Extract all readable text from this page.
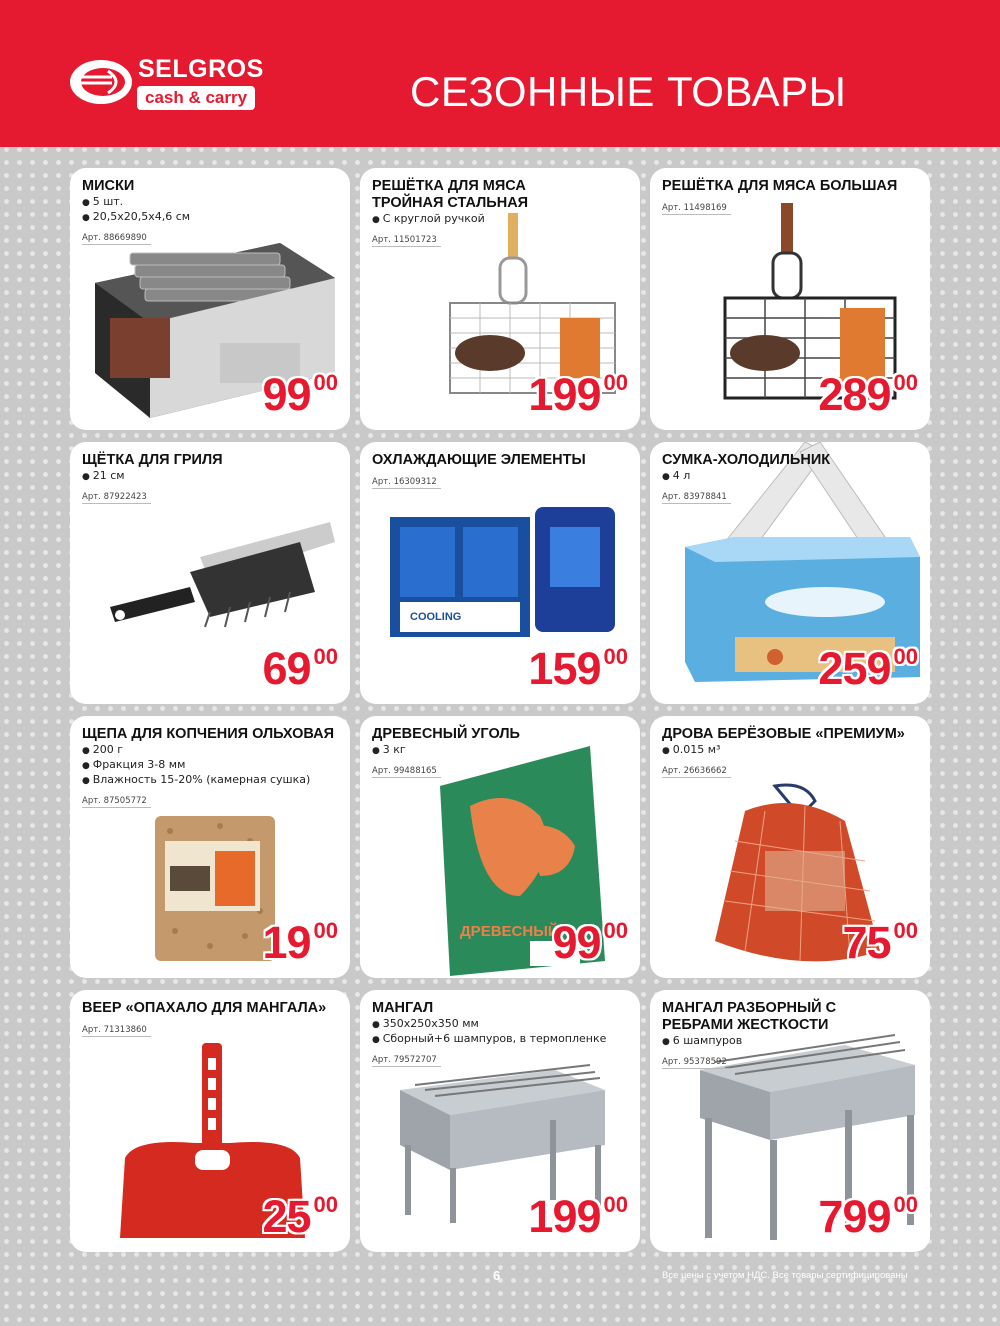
SELGROS
cash & carry	СЕЗОННЫЕ ТОВАРЫ
МИСКИ
● 5 шт.
● 20,5х20,5х4,6 см
Арт. 88669890
99 00
РЕШЁТКА ДЛЯ МЯСА ТРОЙНАЯ СТАЛЬНАЯ
● С круглой ручкой
Арт. 11501723
199 00
РЕШЁТКА ДЛЯ МЯСА БОЛЬШАЯ
Арт. 11498169
289 00
ЩЁТКА ДЛЯ ГРИЛЯ
● 21 см
Арт. 87922423
69 00
ОХЛАЖДАЮЩИЕ ЭЛЕМЕНТЫ
Арт. 16309312
COOLING
159 00
СУМКА-ХОЛОДИЛЬНИК
● 4 л
Арт. 83978841
259 00
ЩЕПА ДЛЯ КОПЧЕНИЯ ОЛЬХОВАЯ
● 200 г
● Фракция 3-8 мм
● Влажность 15-20% (камерная сушка)
Арт. 87505772
19 00
ДРЕВЕСНЫЙ УГОЛЬ
● 3 кг
Арт. 99488165
ДРЕВЕСНЫЙ
99 00
ДРОВА БЕРЁЗОВЫЕ «ПРЕМИУМ»
● 0.015 м³
Арт. 26636662
75 00
ВЕЕР «ОПАХАЛО ДЛЯ МАНГАЛА»
Арт. 71313860
25 00
МАНГАЛ
● 350х250х350 мм
● Сборный+6 шампуров, в термопленке
Арт. 79572707
199 00
МАНГАЛ РАЗБОРНЫЙ С РЕБРАМИ ЖЕСТКОСТИ
● 6 шампуров
Арт. 95378592
799 00
6	Все цены с учетом НДС. Все товары сертифицированы
